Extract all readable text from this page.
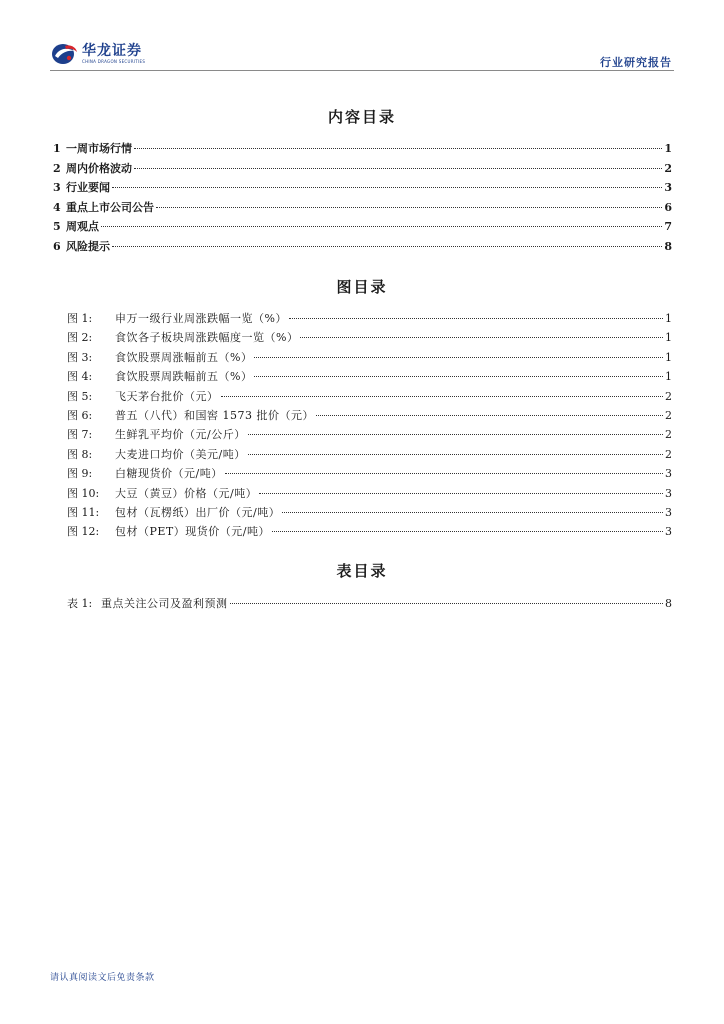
华龙证券
CHINA DRAGON SECURITIES	行业研究报告
内容目录
1 一周市场行情	1
2 周内价格波动	2
3 行业要闻	3
4 重点上市公司公告	6
5 周观点	7
6 风险提示	8
图目录
图 1:	申万一级行业周涨跌幅一览（%）	1
图 2:	食饮各子板块周涨跌幅度一览（%）	1
图 3:	食饮股票周涨幅前五（%）	1
图 4:	食饮股票周跌幅前五（%）	1
图 5:	飞天茅台批价（元）	2
图 6:	普五（八代）和国窖 1573 批价（元）	2
图 7:	生鲜乳平均价（元/公斤）	2
图 8:	大麦进口均价（美元/吨）	2
图 9:	白糖现货价（元/吨）	3
图 10:	大豆（黄豆）价格（元/吨）	3
图 11:	包材（瓦楞纸）出厂价（元/吨）	3
图 12:	包材（PET）现货价（元/吨）	3
表目录
表 1: 重点关注公司及盈利预测	8
请认真阅读文后免责条款
